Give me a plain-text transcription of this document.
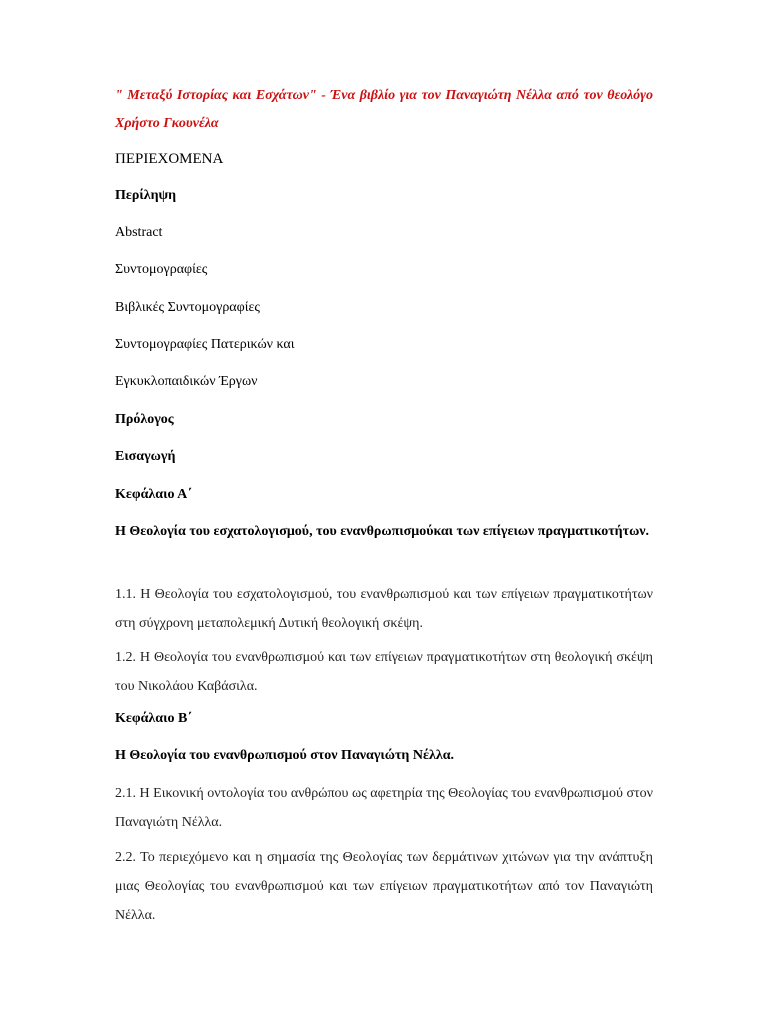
" Μεταξύ Ιστορίας και Εσχάτων" - Ένα βιβλίο για τον Παναγιώτη Νέλλα από τον θεολόγο Χρήστο Γκουνέλα
ΠΕΡΙΕΧΟΜΕΝΑ
Περίληψη
Abstract
Συντομογραφίες
Βιβλικές Συντομογραφίες
Συντομογραφίες Πατερικών και
Εγκυκλοπαιδικών Έργων
Πρόλογος
Εισαγωγή
Κεφάλαιο Α΄
Η Θεολογία του εσχατολογισμού, του ενανθρωπισμούκαι των επίγειων πραγματικοτήτων.
1.1. Η Θεολογία του εσχατολογισμού, του ενανθρωπισμού και των επίγειων πραγματικοτήτων στη σύγχρονη μεταπολεμική Δυτική θεολογική σκέψη.
1.2. Η Θεολογία του ενανθρωπισμού και των επίγειων πραγματικοτήτων στη θεολογική σκέψη του Νικολάου Καβάσιλα.
Κεφάλαιο Β΄
Η Θεολογία του ενανθρωπισμού στον Παναγιώτη Νέλλα.
2.1. Η Εικονική οντολογία του ανθρώπου ως αφετηρία της Θεολογίας του ενανθρωπισμού στον Παναγιώτη Νέλλα.
2.2. Το περιεχόμενο και η σημασία της Θεολογίας των δερμάτινων χιτώνων για την ανάπτυξη μιας Θεολογίας του ενανθρωπισμού και των επίγειων πραγματικοτήτων από τον Παναγιώτη Νέλλα.
